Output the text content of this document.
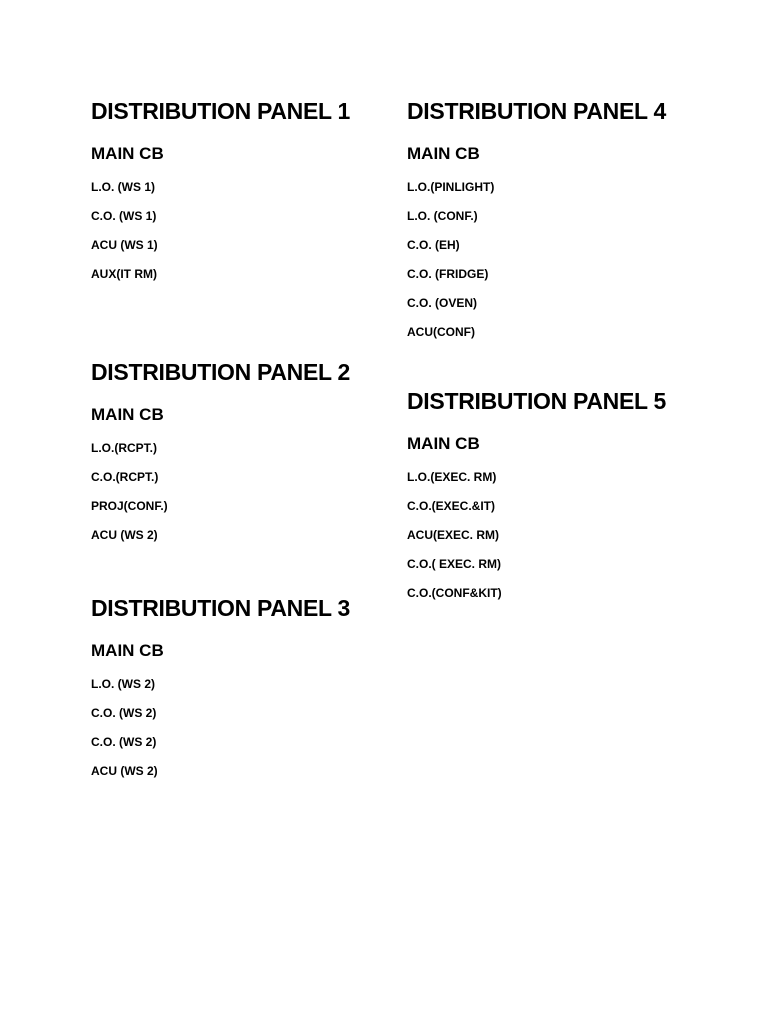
DISTRIBUTION PANEL 1
MAIN CB
L.O. (WS 1)
C.O. (WS 1)
ACU (WS 1)
AUX(IT RM)
DISTRIBUTION PANEL 2
MAIN CB
L.O.(RCPT.)
C.O.(RCPT.)
PROJ(CONF.)
ACU (WS 2)
DISTRIBUTION PANEL 3
MAIN CB
L.O. (WS 2)
C.O. (WS 2)
C.O. (WS 2)
ACU (WS 2)
DISTRIBUTION PANEL 4
MAIN CB
L.O.(PINLIGHT)
L.O. (CONF.)
C.O. (EH)
C.O. (FRIDGE)
C.O. (OVEN)
ACU(CONF)
DISTRIBUTION PANEL 5
MAIN CB
L.O.(EXEC. RM)
C.O.(EXEC.&IT)
ACU(EXEC. RM)
C.O.( EXEC. RM)
C.O.(CONF&KIT)
